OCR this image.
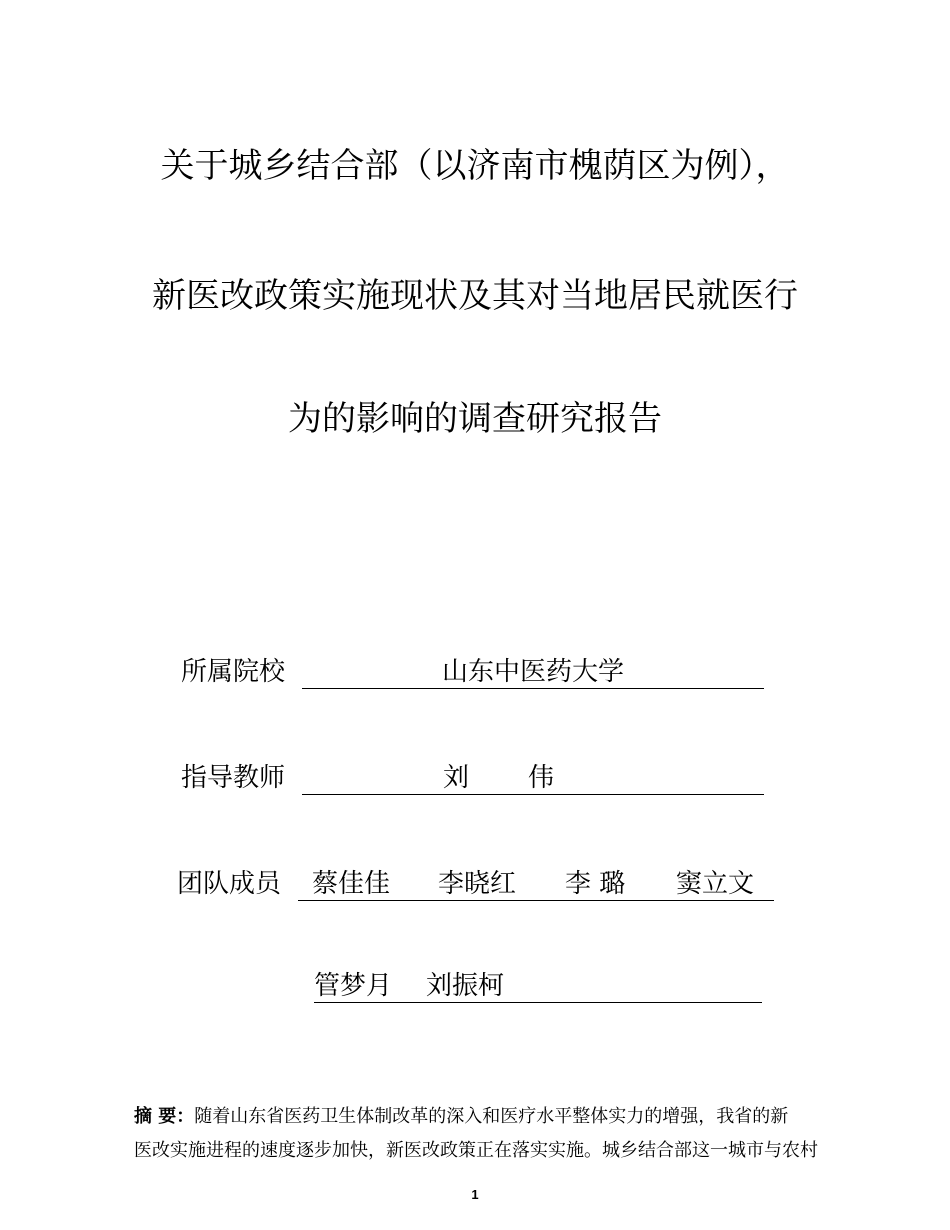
关于城乡结合部（以济南市槐荫区为例），
新医改政策实施现状及其对当地居民就医行
为的影响的调查研究报告
所属院校	山东中医药大学
指导教师	刘 伟
团队成员 蔡佳佳 李晓红 李 璐 窦立文
管梦月 刘振柯
摘 要：随着山东省医药卫生体制改革的深入和医疗水平整体实力的增强，我省的新
医改实施进程的速度逐步加快，新医改政策正在落实实施。城乡结合部这一城市与农村
1
